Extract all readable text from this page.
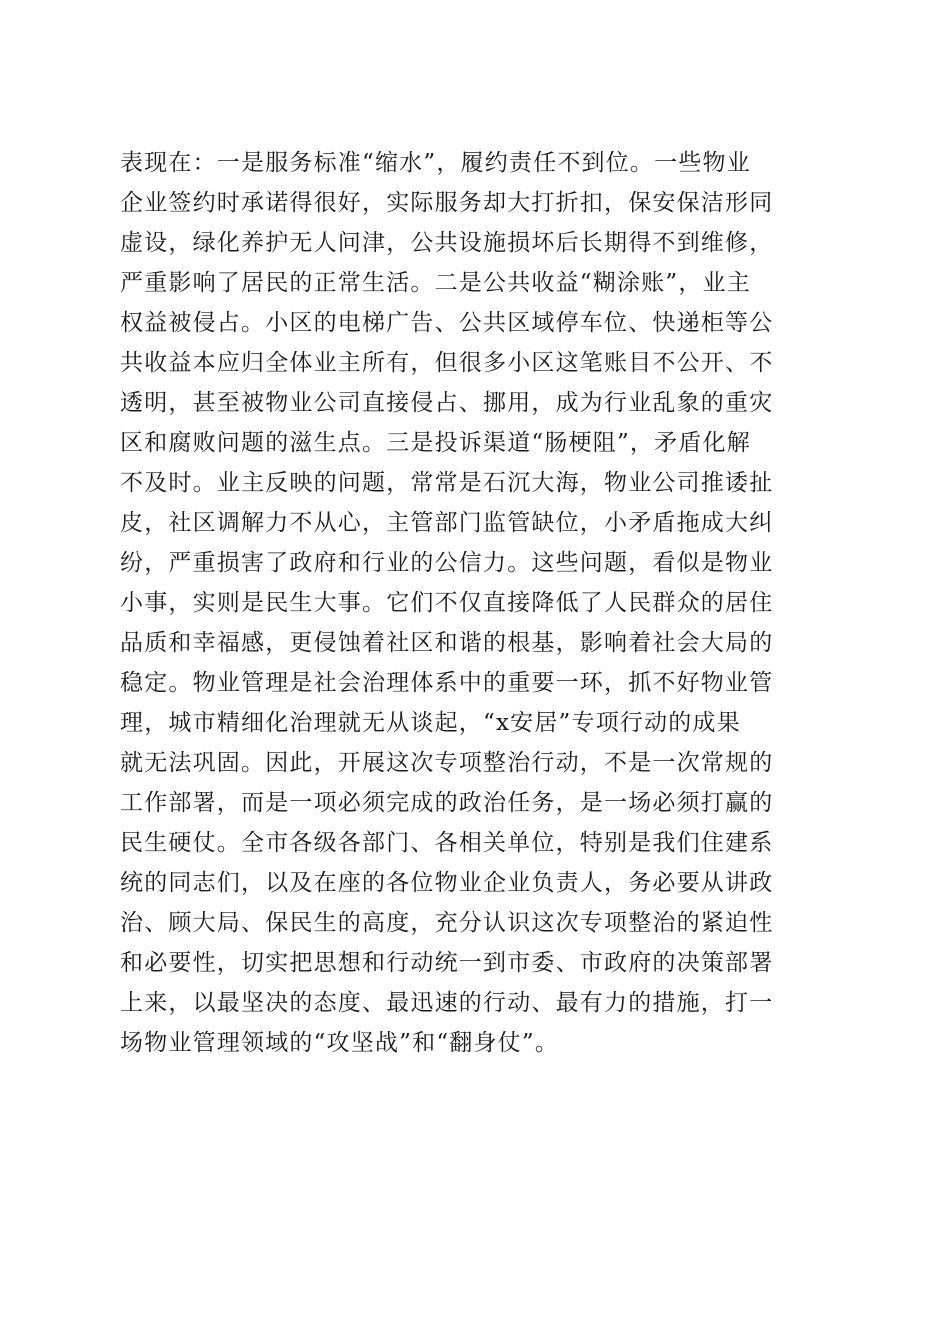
表现在：一是服务标准“缩水”，履约责任不到位。一些物业
企业签约时承诺得很好，实际服务却大打折扣，保安保洁形同
虚设，绿化养护无人问津，公共设施损坏后长期得不到维修，
严重影响了居民的正常生活。二是公共收益“糊涂账”，业主
权益被侵占。小区的电梯广告、公共区域停车位、快递柜等公
共收益本应归全体业主所有，但很多小区这笔账目不公开、不
透明，甚至被物业公司直接侵占、挪用，成为行业乱象的重灾
区和腐败问题的滋生点。三是投诉渠道“肠梗阻”，矛盾化解
不及时。业主反映的问题，常常是石沉大海，物业公司推诿扯
皮，社区调解力不从心，主管部门监管缺位，小矛盾拖成大纠
纷，严重损害了政府和行业的公信力。这些问题，看似是物业
小事，实则是民生大事。它们不仅直接降低了人民群众的居住
品质和幸福感，更侵蚀着社区和谐的根基，影响着社会大局的
稳定。物业管理是社会治理体系中的重要一环，抓不好物业管
理，城市精细化治理就无从谈起，“x安居”专项行动的成果
就无法巩固。因此，开展这次专项整治行动，不是一次常规的
工作部署，而是一项必须完成的政治任务，是一场必须打赢的
民生硬仗。全市各级各部门、各相关单位，特别是我们住建系
统的同志们，以及在座的各位物业企业负责人，务必要从讲政
治、顾大局、保民生的高度，充分认识这次专项整治的紧迫性
和必要性，切实把思想和行动统一到市委、市政府的决策部署
上来，以最坚决的态度、最迅速的行动、最有力的措施，打一
场物业管理领域的“攻坚战”和“翻身仗”。
